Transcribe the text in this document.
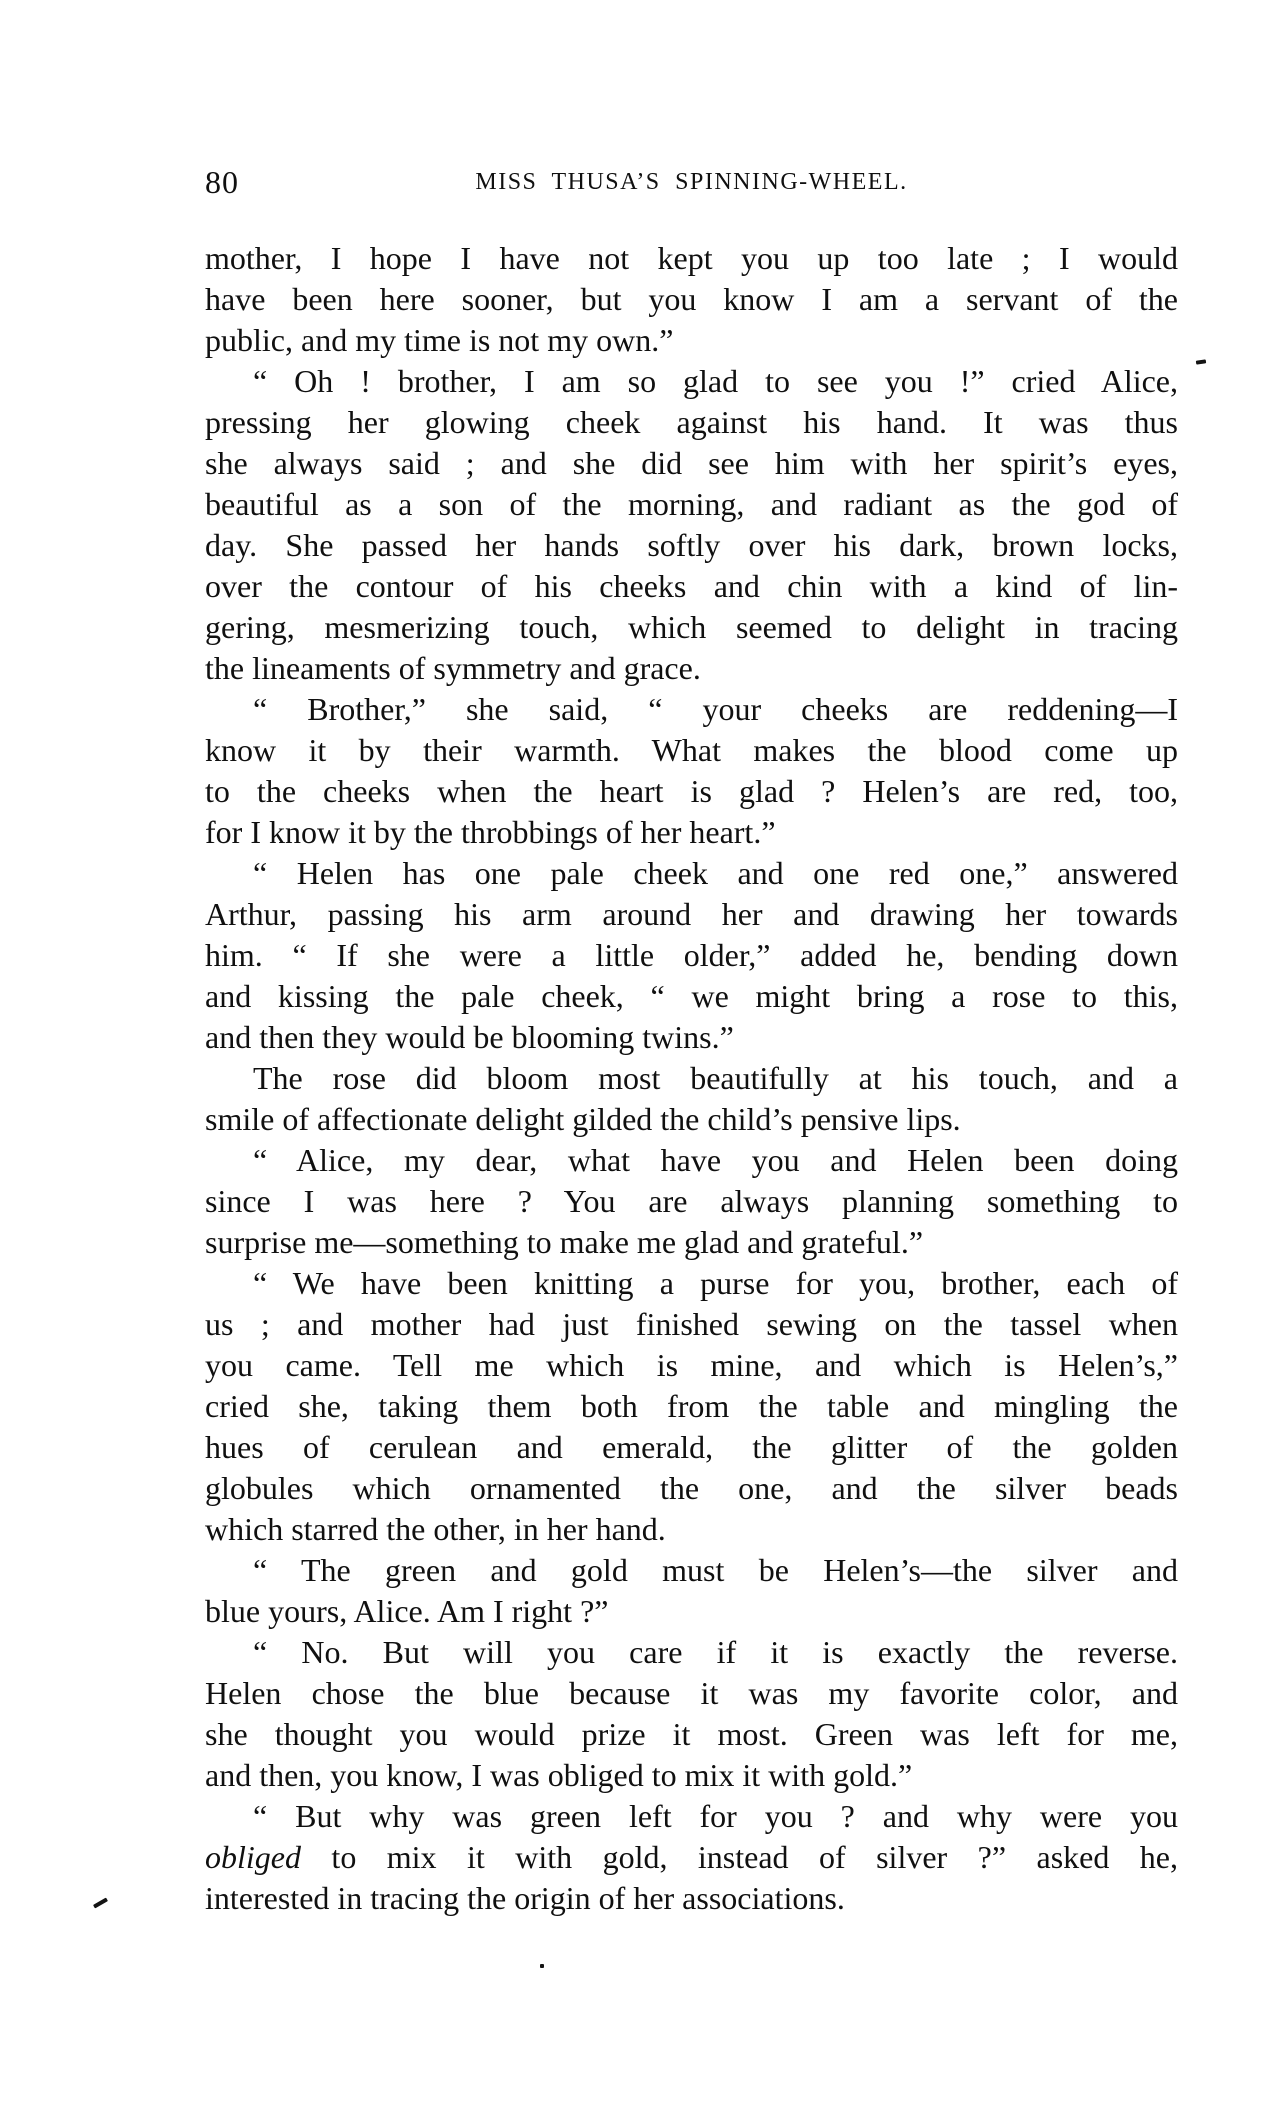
80	MISS THUSA’S SPINNING-WHEEL.
mother, I hope I have not kept you up too late ; I would
have been here sooner, but you know I am a servant of the
public, and my time is not my own.”
“ Oh ! brother, I am so glad to see you !” cried Alice,
pressing her glowing cheek against his hand. It was thus
she always said ; and she did see him with her spirit’s eyes,
beautiful as a son of the morning, and radiant as the god of
day. She passed her hands softly over his dark, brown locks,
over the contour of his cheeks and chin with a kind of lin-
gering, mesmerizing touch, which seemed to delight in tracing
the lineaments of symmetry and grace.
“ Brother,” she said, “ your cheeks are reddening—I
know it by their warmth. What makes the blood come up
to the cheeks when the heart is glad ? Helen’s are red, too,
for I know it by the throbbings of her heart.”
“ Helen has one pale cheek and one red one,” answered
Arthur, passing his arm around her and drawing her towards
him. “ If she were a little older,” added he, bending down
and kissing the pale cheek, “ we might bring a rose to this,
and then they would be blooming twins.”
The rose did bloom most beautifully at his touch, and a
smile of affectionate delight gilded the child’s pensive lips.
“ Alice, my dear, what have you and Helen been doing
since I was here ? You are always planning something to
surprise me—something to make me glad and grateful.”
“ We have been knitting a purse for you, brother, each of
us ; and mother had just finished sewing on the tassel when
you came. Tell me which is mine, and which is Helen’s,”
cried she, taking them both from the table and mingling the
hues of cerulean and emerald, the glitter of the golden
globules which ornamented the one, and the silver beads
which starred the other, in her hand.
“ The green and gold must be Helen’s—the silver and
blue yours, Alice. Am I right ?”
“ No. But will you care if it is exactly the reverse.
Helen chose the blue because it was my favorite color, and
she thought you would prize it most. Green was left for me,
and then, you know, I was obliged to mix it with gold.”
“ But why was green left for you ? and why were you
obliged to mix it with gold, instead of silver ?” asked he,
interested in tracing the origin of her associations.
